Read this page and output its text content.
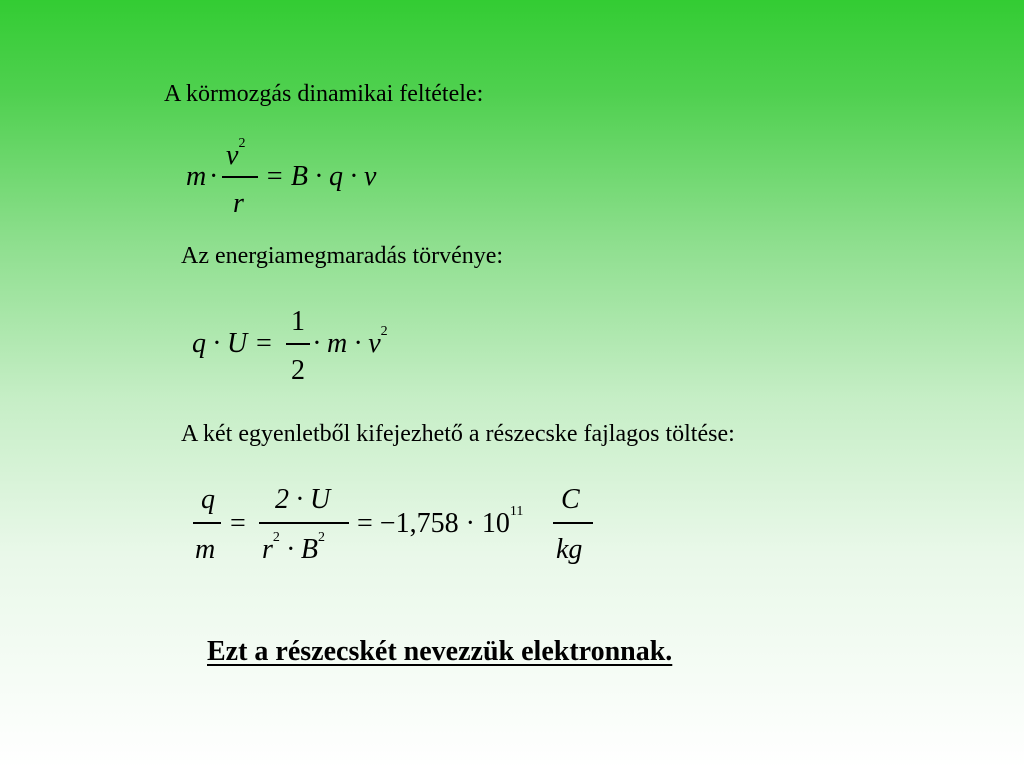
A körmozgás dinamikai feltétele:
Az energiamegmaradás törvénye:
A két egyenletből kifejezhető a részecske fajlagos töltése:
m ·
$v^2$
r
= B · q · v
q · U =
1
2
· $m \cdot v^2$
q
m
=
2 · U
$r^2 \cdot B^2 = -1,758 \cdot 10^{11}$ C
kg
Ezt a részecskét nevezzük elektronnak.
